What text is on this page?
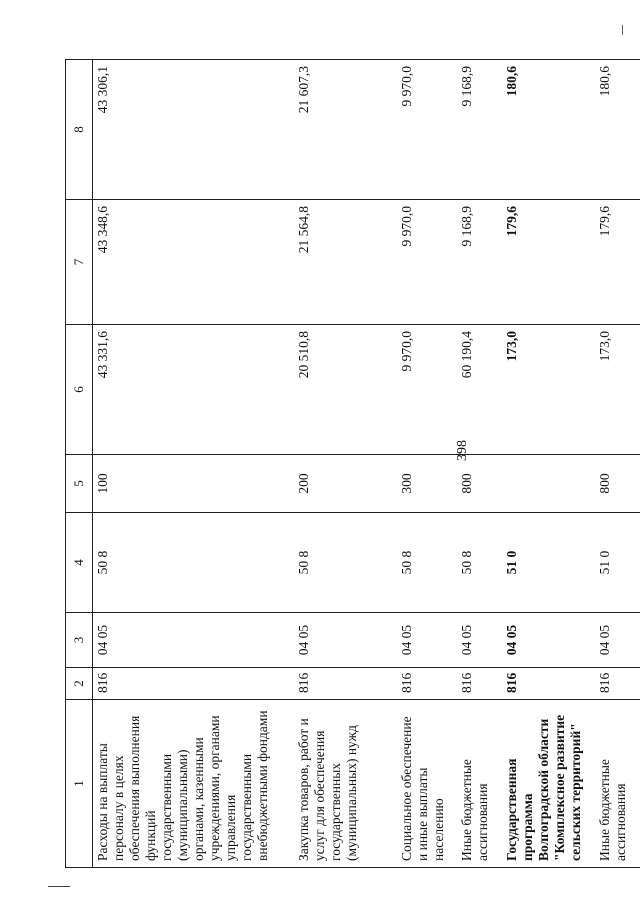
398
1	2	3	4	5	6	7	8
Расходы на выплаты персоналу в целях обеспечения выполнения функций государственными (муниципальными) органами, казенными учреждениями, органами управления государственными внебюджетными фондами	816	04 05	50 8	100	43 331,6	43 348,6	43 306,1
Закупка товаров, работ и услуг для обеспечения государственных (муниципальных) нужд	816	04 05	50 8	200	20 510,8	21 564,8	21 607,3
Социальное обеспечение и иные выплаты населению	816	04 05	50 8	300	9 970,0	9 970,0	9 970,0
Иные бюджетные ассигнования	816	04 05	50 8	800	60 190,4	9 168,9	9 168,9
Государственная программа Волгоградской области "Комплексное развитие сельских территорий"	816	04 05	51 0		173,0	179,6	180,6
Иные бюджетные ассигнования	816	04 05	51 0	800	173,0	179,6	180,6
